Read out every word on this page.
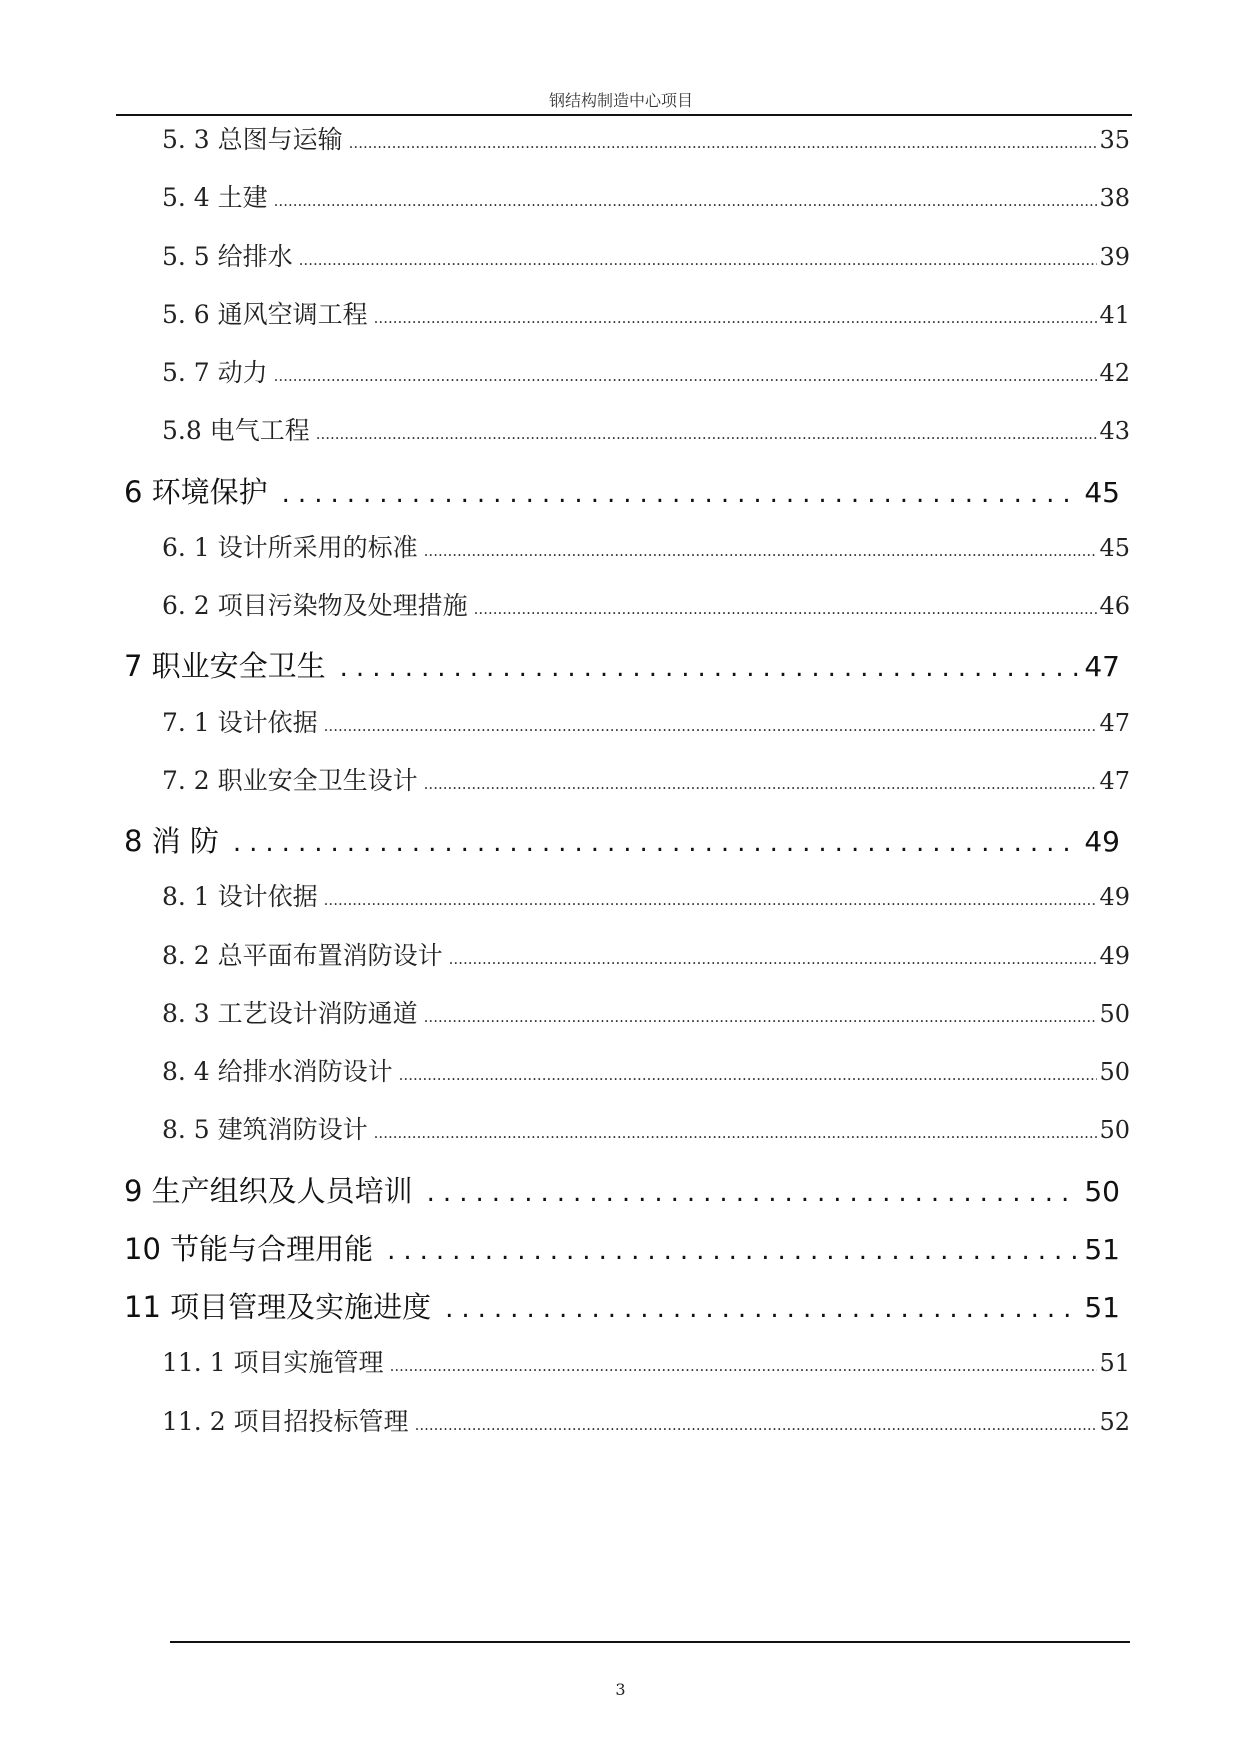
钢结构制造中心项目
5. 3 总图与运输 .....	35
5. 4 土建 .....	38
5. 5 给排水 .....	39
5. 6 通风空调工程 .....	41
5. 7 动力 .....	42
5.8 电气工程 .....	43
6 环境保护 .....	45
6. 1 设计所采用的标准 .....	45
6. 2 项目污染物及处理措施 .....	46
7 职业安全卫生 .....	47
7. 1 设计依据 .....	47
7. 2 职业安全卫生设计 .....	47
8 消 防 .....	49
8. 1 设计依据 .....	49
8. 2 总平面布置消防设计 .....	49
8. 3 工艺设计消防通道 .....	50
8. 4 给排水消防设计 .....	50
8. 5 建筑消防设计 .....	50
9 生产组织及人员培训 .....	50
10 节能与合理用能 .....	51
11 项目管理及实施进度 .....	51
11. 1 项目实施管理 .....	51
11. 2 项目招投标管理 .....	52
3
